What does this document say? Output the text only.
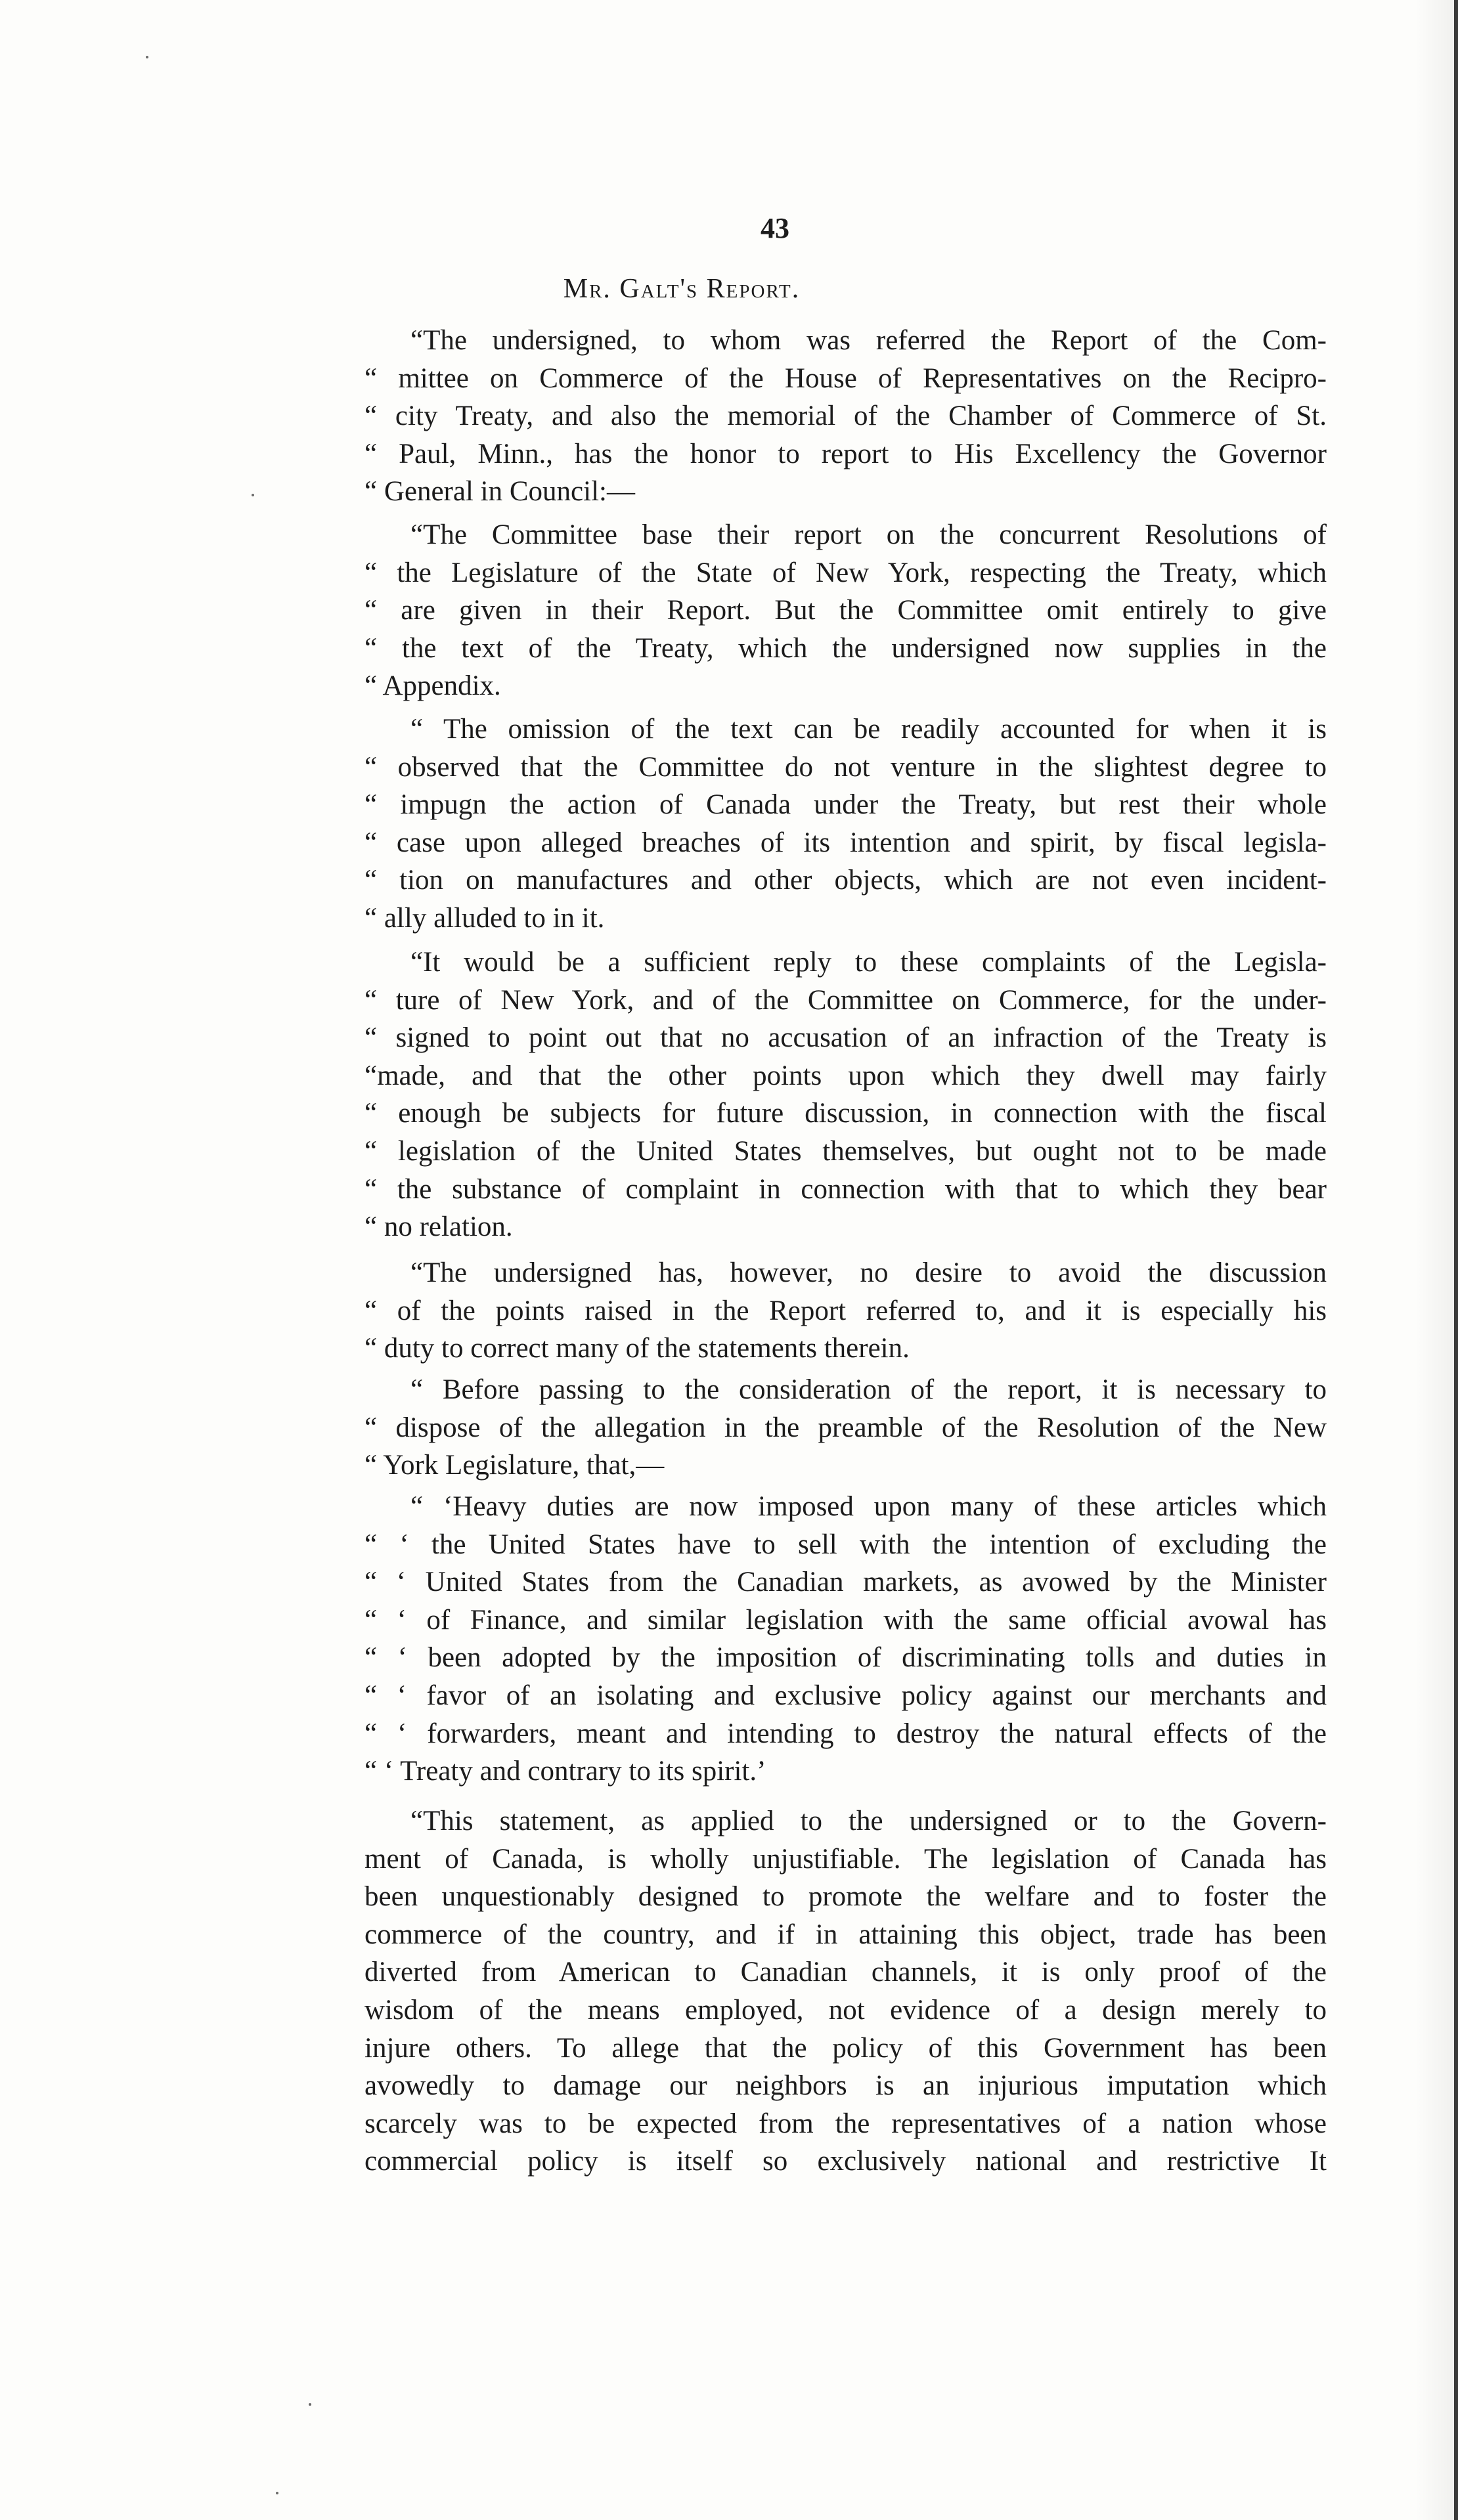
43
Mr. Galt's Report.
“The undersigned, to whom was referred the Report of the Com-
“ mittee on Commerce of the House of Representatives on the Recipro-
“ city Treaty, and also the memorial of the Chamber of Commerce of St.
“ Paul, Minn., has the honor to report to His Excellency the Governor
“ General in Council:—
“The Committee base their report on the concurrent Resolutions of
“ the Legislature of the State of New York, respecting the Treaty, which
“ are given in their Report. But the Committee omit entirely to give
“ the text of the Treaty, which the undersigned now supplies in the
“ Appendix.
“ The omission of the text can be readily accounted for when it is
“ observed that the Committee do not venture in the slightest degree to
“ impugn the action of Canada under the Treaty, but rest their whole
“ case upon alleged breaches of its intention and spirit, by fiscal legisla-
“ tion on manufactures and other objects, which are not even incident-
“ ally alluded to in it.
“It would be a sufficient reply to these complaints of the Legisla-
“ ture of New York, and of the Committee on Commerce, for the under-
“ signed to point out that no accusation of an infraction of the Treaty is
“made, and that the other points upon which they dwell may fairly
“ enough be subjects for future discussion, in connection with the fiscal
“ legislation of the United States themselves, but ought not to be made
“ the substance of complaint in connection with that to which they bear
“ no relation.
“The undersigned has, however, no desire to avoid the discussion
“ of the points raised in the Report referred to, and it is especially his
“ duty to correct many of the statements therein.
“ Before passing to the consideration of the report, it is necessary to
“ dispose of the allegation in the preamble of the Resolution of the New
“ York Legislature, that,—
“ ‘Heavy duties are now imposed upon many of these articles which
“ ‘ the United States have to sell with the intention of excluding the
“ ‘ United States from the Canadian markets, as avowed by the Minister
“ ‘ of Finance, and similar legislation with the same official avowal has
“ ‘ been adopted by the imposition of discriminating tolls and duties in
“ ‘ favor of an isolating and exclusive policy against our merchants and
“ ‘ forwarders, meant and intending to destroy the natural effects of the
“ ‘ Treaty and contrary to its spirit.’
“This statement, as applied to the undersigned or to the Govern-
ment of Canada, is wholly unjustifiable. The legislation of Canada has
been unquestionably designed to promote the welfare and to foster the
commerce of the country, and if in attaining this object, trade has been
diverted from American to Canadian channels, it is only proof of the
wisdom of the means employed, not evidence of a design merely to
injure others. To allege that the policy of this Government has been
avowedly to damage our neighbors is an injurious imputation which
scarcely was to be expected from the representatives of a nation whose
commercial policy is itself so exclusively national and restrictive It
